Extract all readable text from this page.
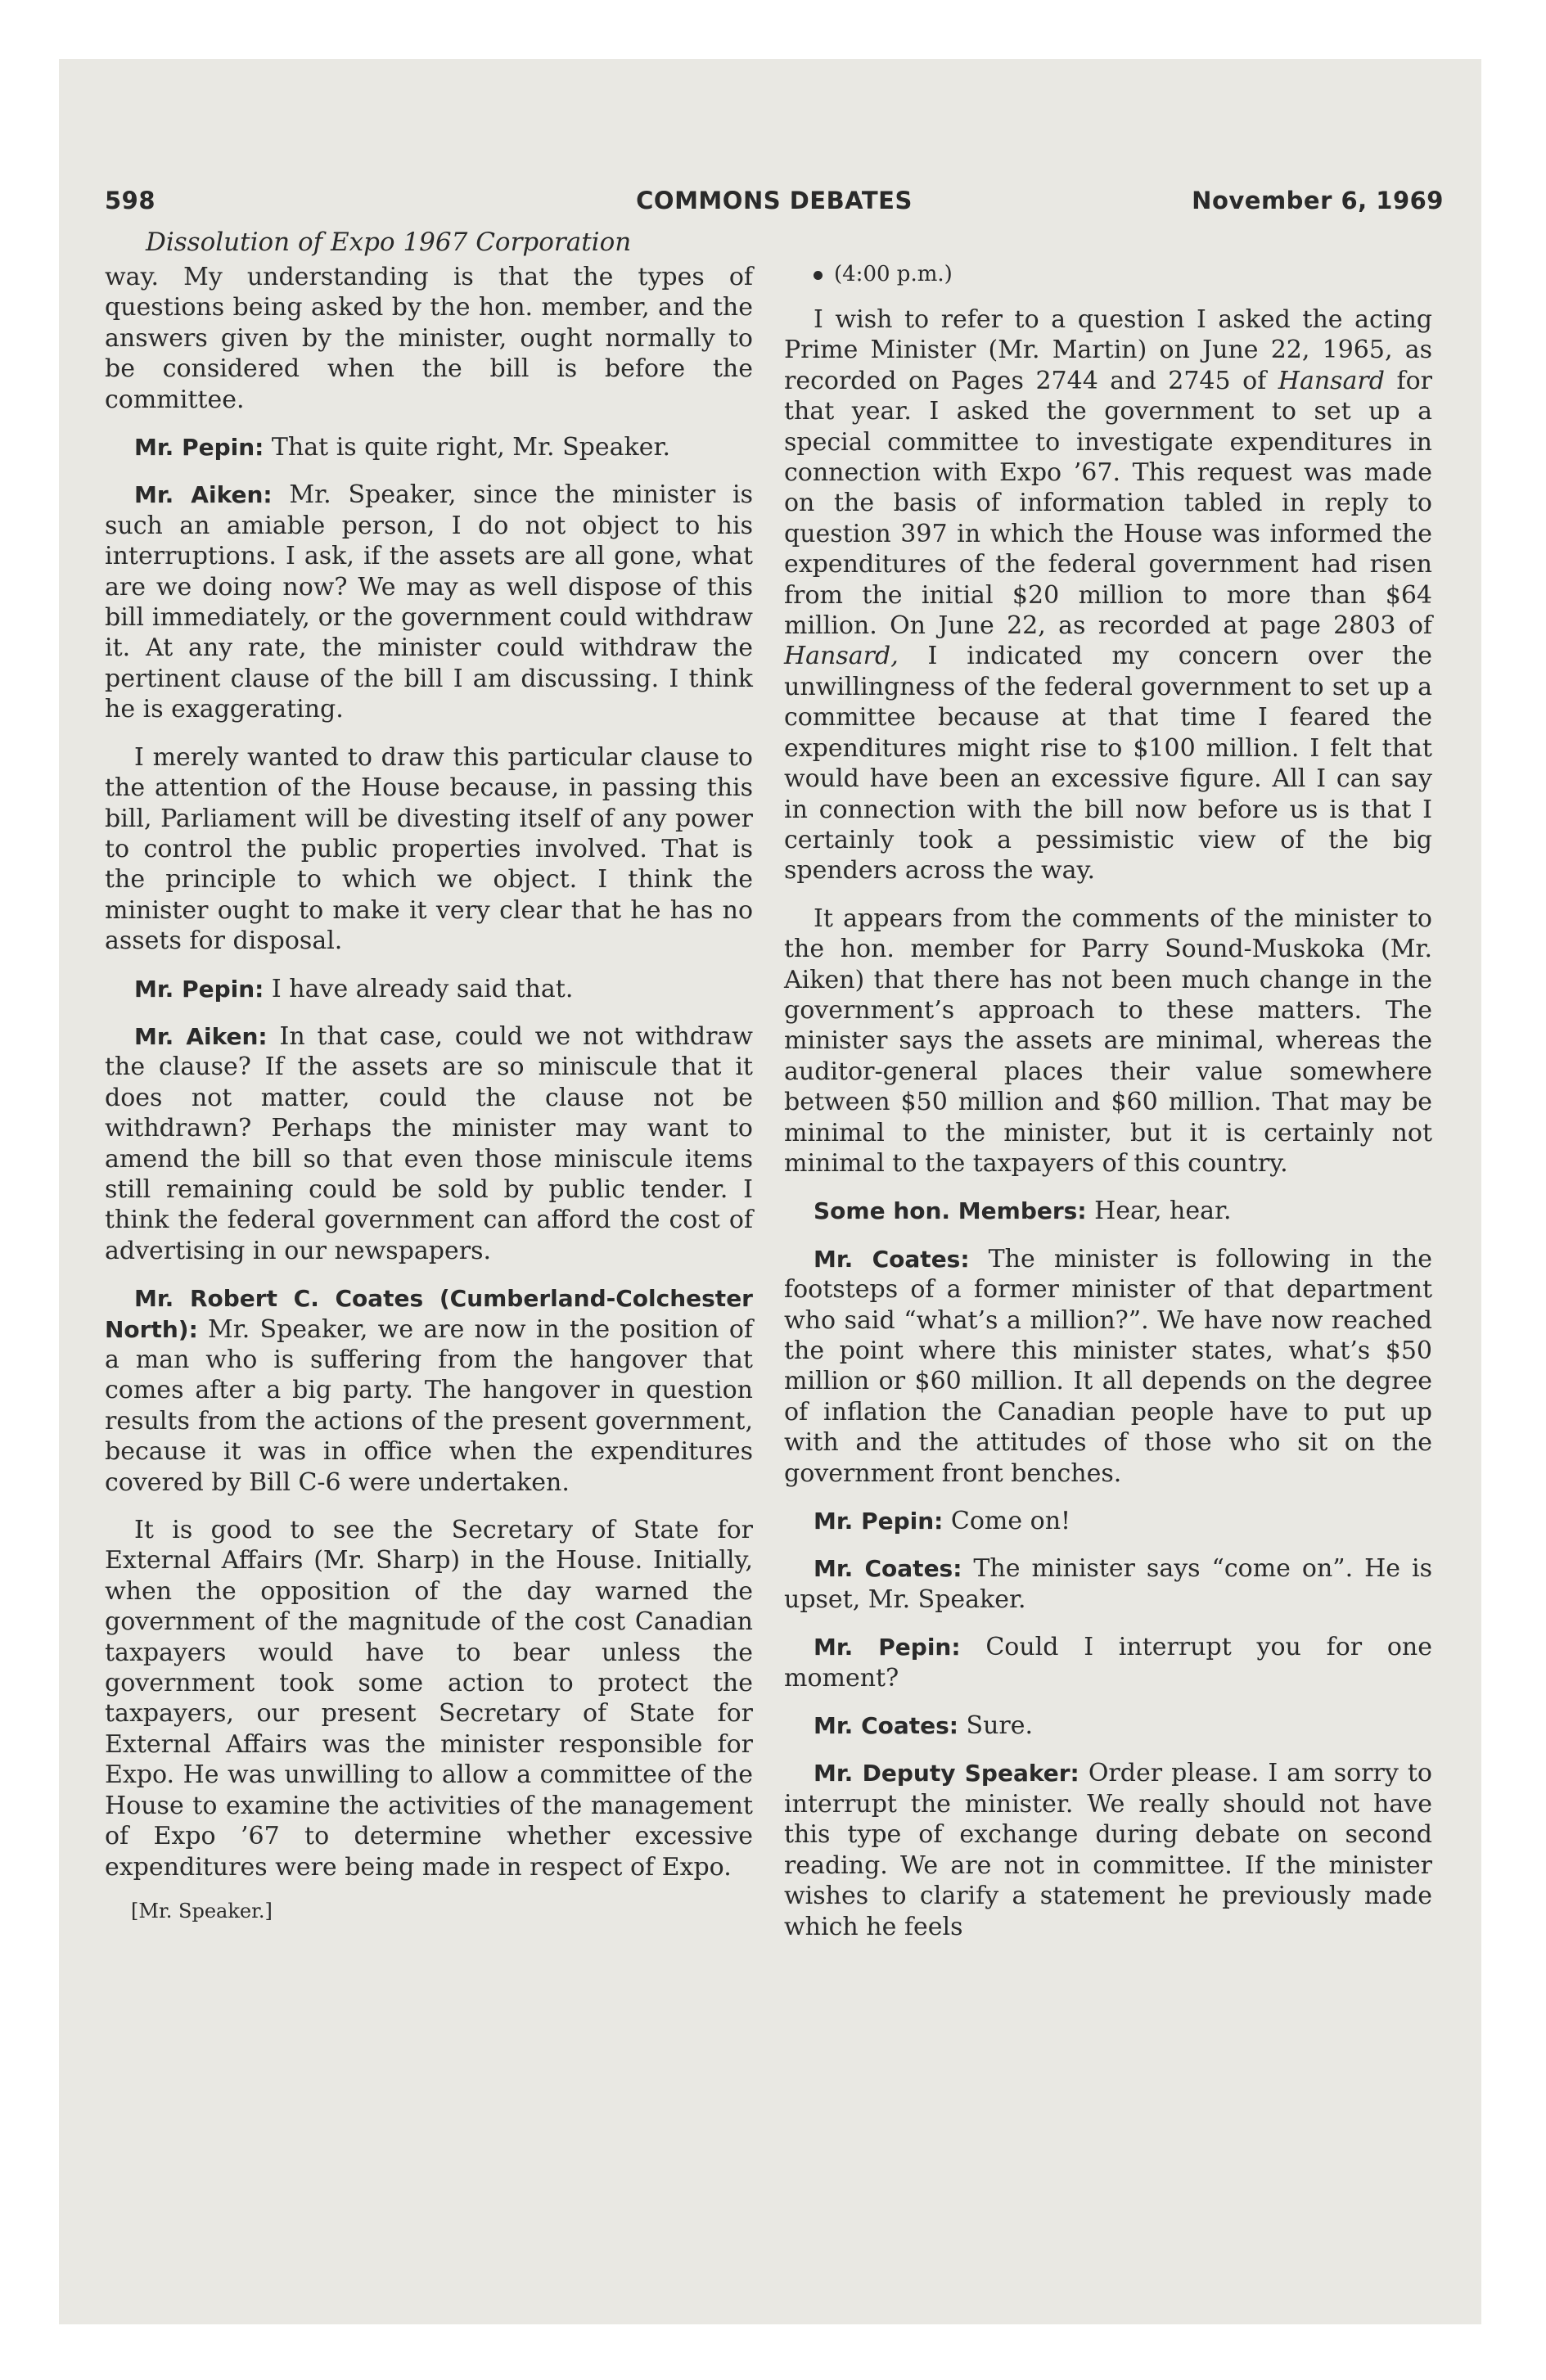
598	COMMONS DEBATES	November 6, 1969
Dissolution of Expo 1967 Corporation

way. My understanding is that the types of questions being asked by the hon. member, and the answers given by the minister, ought normally to be considered when the bill is before the committee.

Mr. Pepin: That is quite right, Mr. Speaker.

Mr. Aiken: Mr. Speaker, since the minister is such an amiable person, I do not object to his interruptions. I ask, if the assets are all gone, what are we doing now? We may as well dispose of this bill immediately, or the government could withdraw it. At any rate, the minister could withdraw the pertinent clause of the bill I am discussing. I think he is exaggerating.

I merely wanted to draw this particular clause to the attention of the House because, in passing this bill, Parliament will be divesting itself of any power to control the public properties involved. That is the principle to which we object. I think the minister ought to make it very clear that he has no assets for disposal.

Mr. Pepin: I have already said that.

Mr. Aiken: In that case, could we not withdraw the clause? If the assets are so miniscule that it does not matter, could the clause not be withdrawn? Perhaps the minister may want to amend the bill so that even those miniscule items still remaining could be sold by public tender. I think the federal government can afford the cost of advertising in our newspapers.

Mr. Robert C. Coates (Cumberland-Colchester North): Mr. Speaker, we are now in the position of a man who is suffering from the hangover that comes after a big party. The hangover in question results from the actions of the present government, because it was in office when the expenditures covered by Bill C-6 were undertaken.

It is good to see the Secretary of State for External Affairs (Mr. Sharp) in the House. Initially, when the opposition of the day warned the government of the magnitude of the cost Canadian taxpayers would have to bear unless the government took some action to protect the taxpayers, our present Secretary of State for External Affairs was the minister responsible for Expo. He was unwilling to allow a committee of the House to examine the activities of the management of Expo ’67 to determine whether excessive expenditures were being made in respect of Expo.

[Mr. Speaker.]
(4:00 p.m.)

I wish to refer to a question I asked the acting Prime Minister (Mr. Martin) on June 22, 1965, as recorded on Pages 2744 and 2745 of Hansard for that year. I asked the government to set up a special committee to investigate expenditures in connection with Expo ’67. This request was made on the basis of information tabled in reply to question 397 in which the House was informed the expenditures of the federal government had risen from the initial $20 million to more than $64 million. On June 22, as recorded at page 2803 of Hansard, I indicated my concern over the unwillingness of the federal government to set up a committee because at that time I feared the expenditures might rise to $100 million. I felt that would have been an excessive figure. All I can say in connection with the bill now before us is that I certainly took a pessimistic view of the big spenders across the way.

It appears from the comments of the minister to the hon. member for Parry Sound-Muskoka (Mr. Aiken) that there has not been much change in the government’s approach to these matters. The minister says the assets are minimal, whereas the auditor-general places their value somewhere between $50 million and $60 million. That may be minimal to the minister, but it is certainly not minimal to the taxpayers of this country.

Some hon. Members: Hear, hear.

Mr. Coates: The minister is following in the footsteps of a former minister of that department who said “what’s a million?”. We have now reached the point where this minister states, what’s $50 million or $60 million. It all depends on the degree of inflation the Canadian people have to put up with and the attitudes of those who sit on the government front benches.

Mr. Pepin: Come on!

Mr. Coates: The minister says “come on”. He is upset, Mr. Speaker.

Mr. Pepin: Could I interrupt you for one moment?

Mr. Coates: Sure.

Mr. Deputy Speaker: Order please. I am sorry to interrupt the minister. We really should not have this type of exchange during debate on second reading. We are not in committee. If the minister wishes to clarify a statement he previously made which he feels
